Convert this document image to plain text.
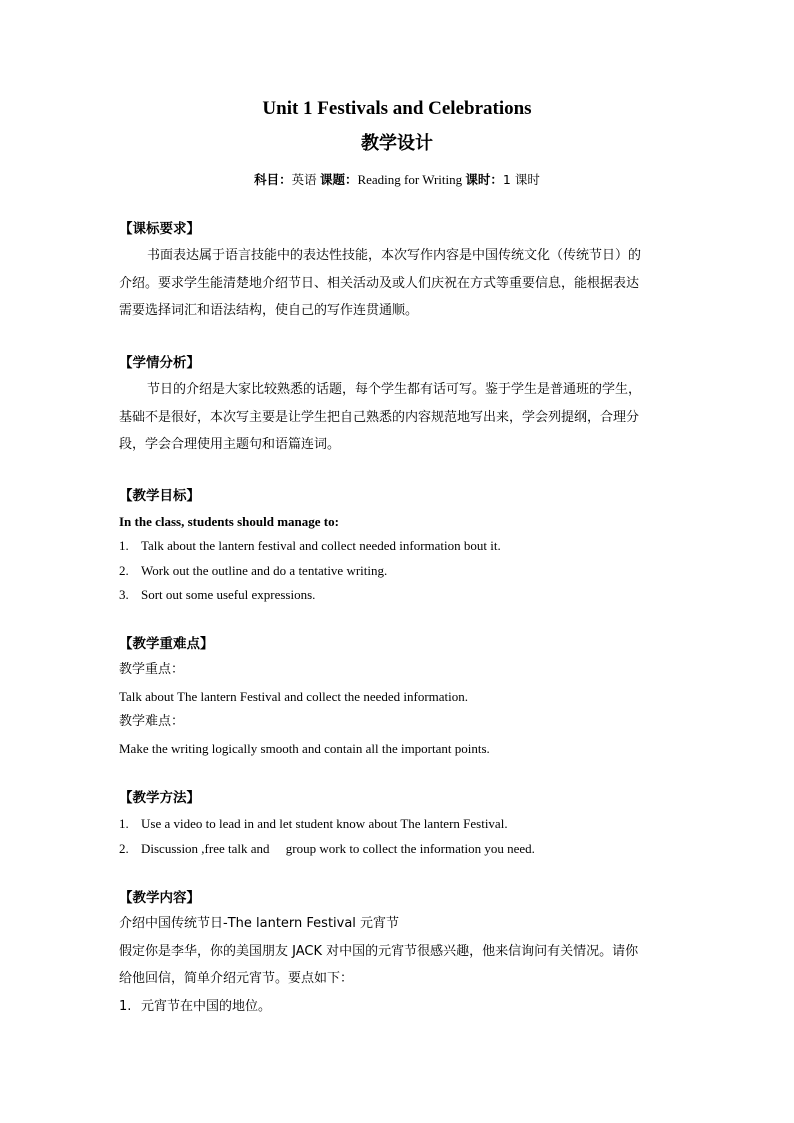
Unit 1 Festivals and Celebrations
教学设计
科目：英语 课题：Reading for Writing 课时：1 课时
【课标要求】
书面表达属于语言技能中的表达性技能，本次写作内容是中国传统文化（传统节日）的
介绍。要求学生能清楚地介绍节日、相关活动及或人们庆祝在方式等重要信息，能根据表达
需要选择词汇和语法结构，使自己的写作连贯通顺。
【学情分析】
节日的介绍是大家比较熟悉的话题，每个学生都有话可写。鉴于学生是普通班的学生，
基础不是很好，本次写主要是让学生把自己熟悉的内容规范地写出来，学会列提纲，合理分
段，学会合理使用主题句和语篇连词。
【教学目标】
In the class, students should manage to:
1. Talk about the lantern festival and collect needed information bout it.
2. Work out the outline and do a tentative writing.
3. Sort out some useful expressions.
【教学重难点】
教学重点：
Talk about The lantern Festival and collect the needed information.
教学难点：
Make the writing logically smooth and contain all the important points.
【教学方法】
1. Use a video to lead in and let student know about The lantern Festival.
2. Discussion ,free talk and     group work to collect the information you need.
【教学内容】
介绍中国传统节日-The lantern Festival 元宵节
假定你是李华，你的美国朋友 JACK 对中国的元宵节很感兴趣，他来信询问有关情况。请你
给他回信，简单介绍元宵节。要点如下：
1. 元宵节在中国的地位。
